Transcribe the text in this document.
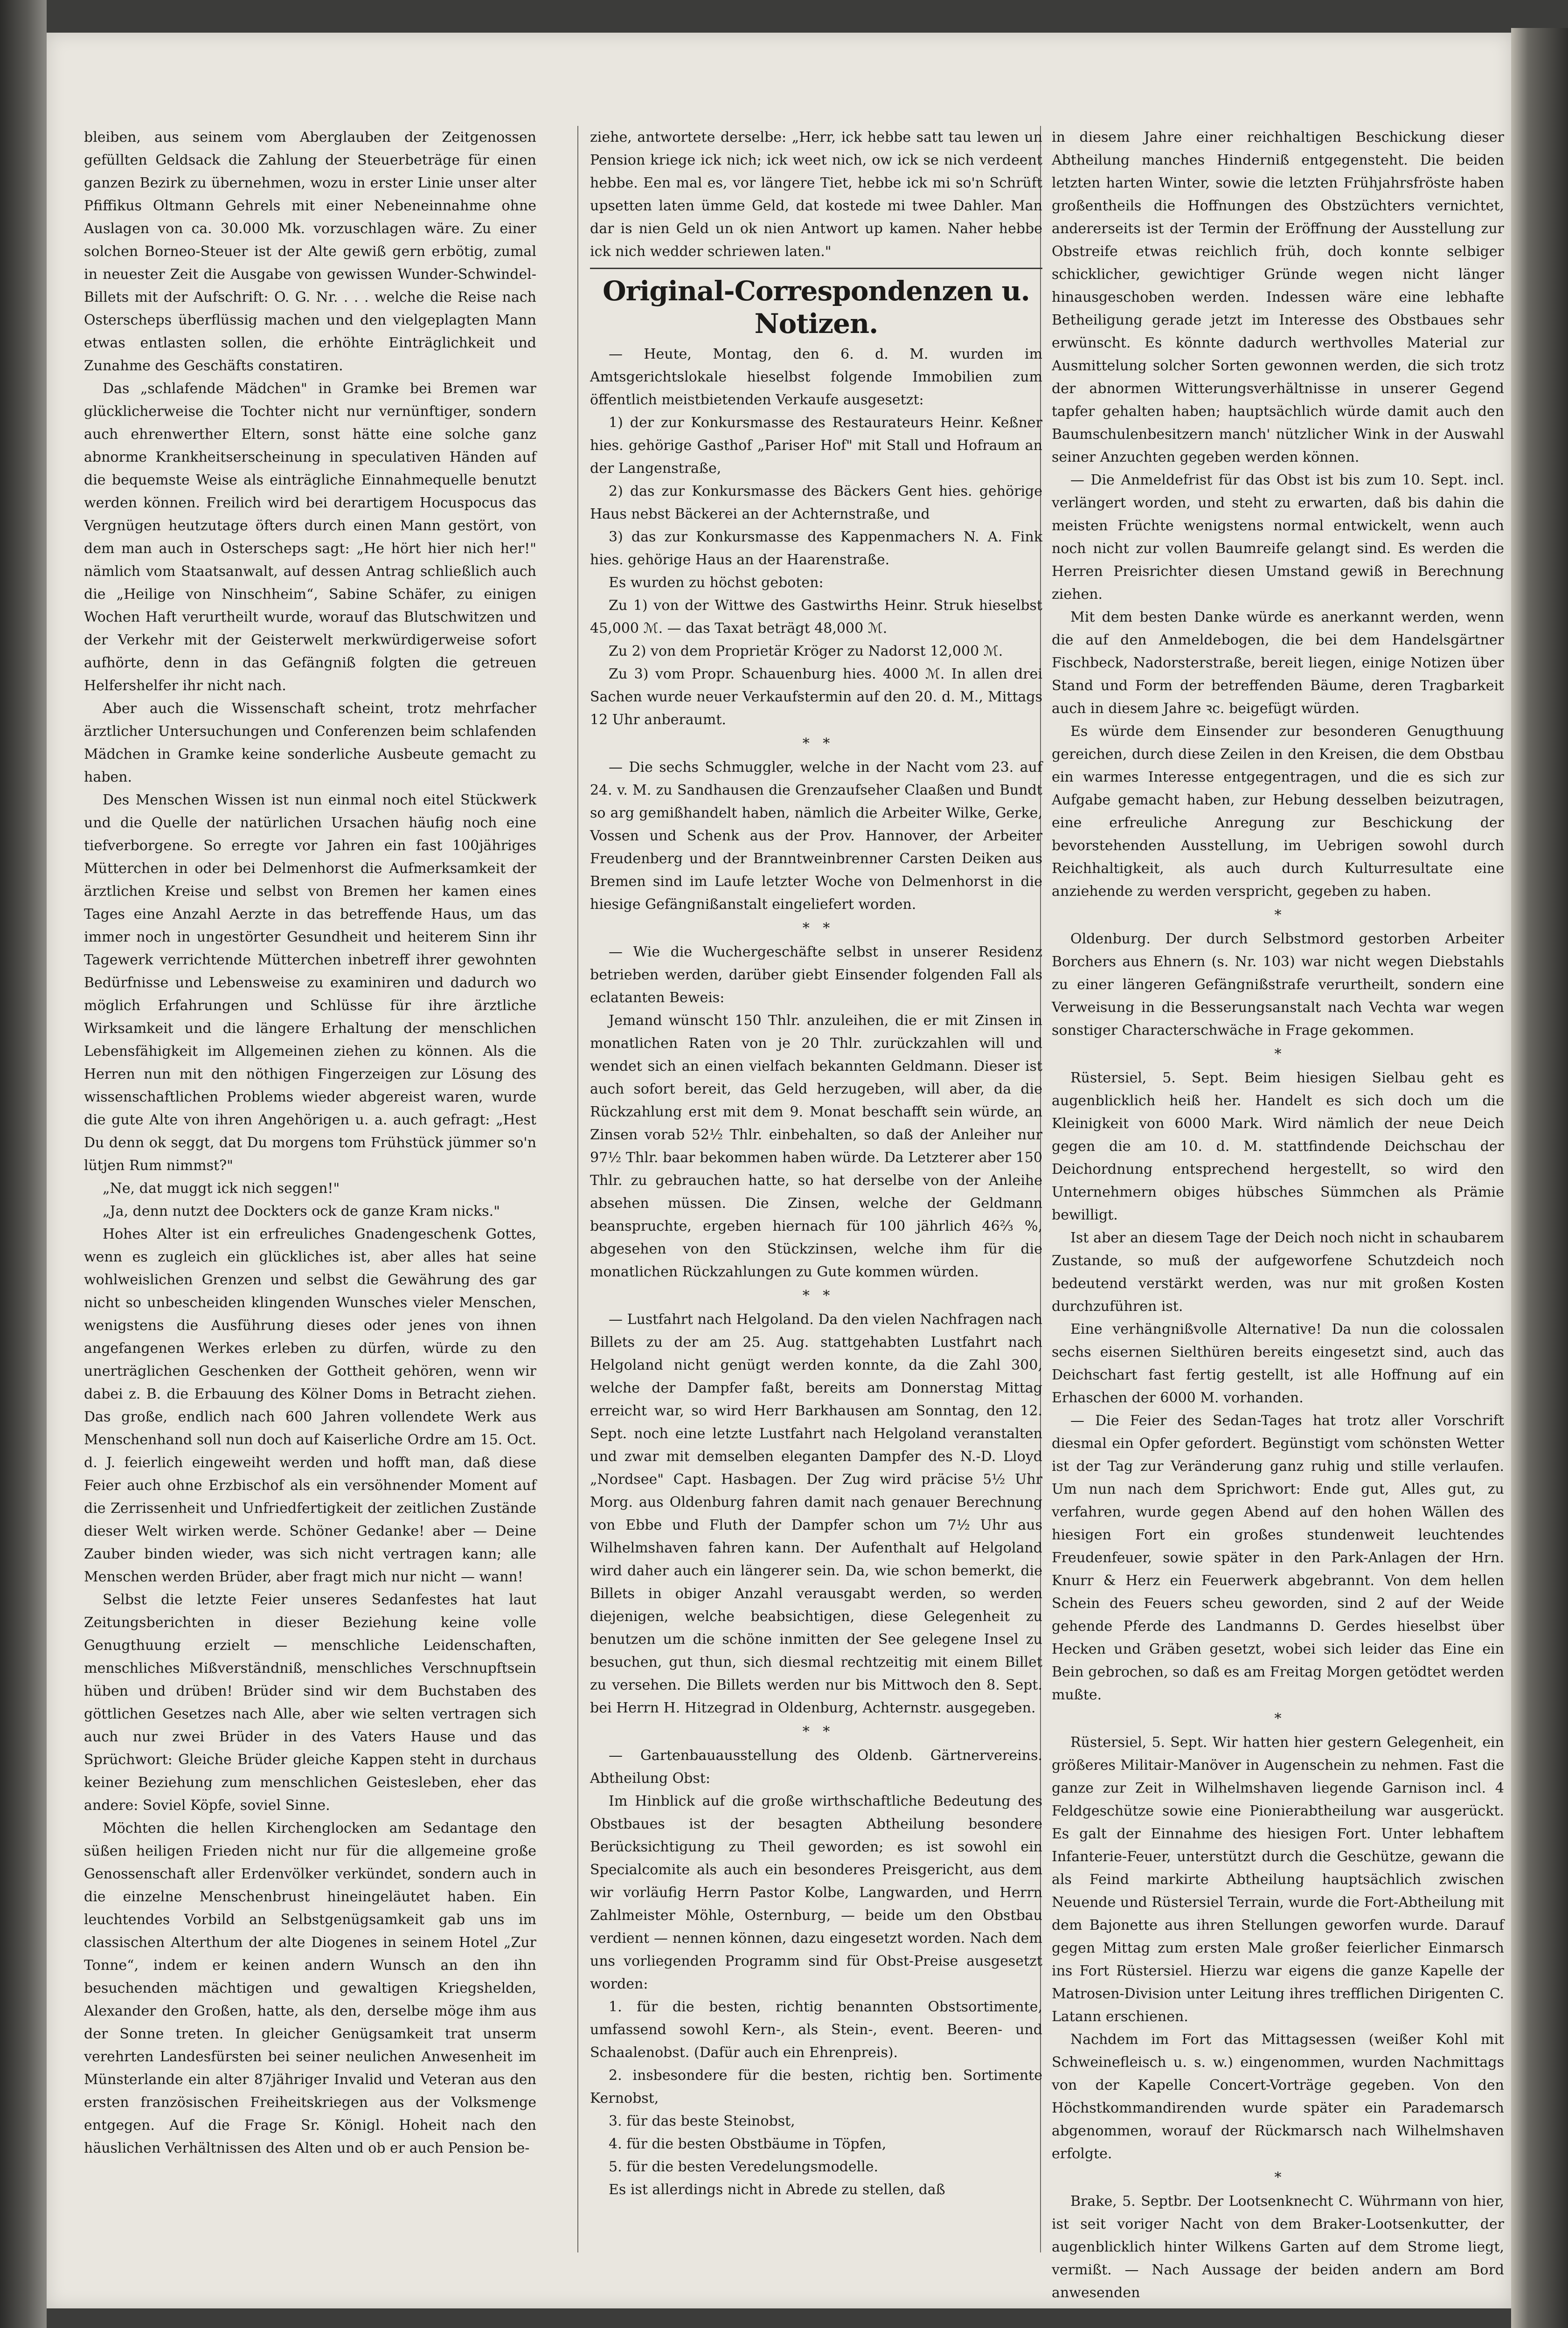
bleiben, aus seinem vom Aberglauben der Zeitgenossen gefüllten Geldsack die Zahlung der Steuerbeträge für einen ganzen Bezirk zu übernehmen, wozu in erster Linie unser alter Pfiffikus Oltmann Gehrels mit einer Nebeneinnahme ohne Auslagen von ca. 30.000 Mk. vorzuschlagen wäre. Zu einer solchen Borneo-Steuer ist der Alte gewiß gern erbötig, zumal in neuester Zeit die Ausgabe von gewissen Wunder-Schwindel-Billets mit der Aufschrift: O. G. Nr. . . . welche die Reise nach Osterscheps überflüssig machen und den vielgeplagten Mann etwas entlasten sollen, die erhöhte Einträglichkeit und Zunahme des Geschäfts constatiren.

Das „schlafende Mädchen" in Gramke bei Bremen war glücklicherweise die Tochter nicht nur vernünftiger, sondern auch ehrenwerther Eltern, sonst hätte eine solche ganz abnorme Krankheitserscheinung in speculativen Händen auf die bequemste Weise als einträgliche Einnahmequelle benutzt werden können. Freilich wird bei derartigem Hocuspocus das Vergnügen heutzutage öfters durch einen Mann gestört, von dem man auch in Osterscheps sagt: „He hört hier nich her!" nämlich vom Staatsanwalt, auf dessen Antrag schließlich auch die „Heilige von Ninschheim“, Sabine Schäfer, zu einigen Wochen Haft verurtheilt wurde, worauf das Blutschwitzen und der Verkehr mit der Geisterwelt merkwürdigerweise sofort aufhörte, denn in das Gefängniß folgten die getreuen Helfershelfer ihr nicht nach.

Aber auch die Wissenschaft scheint, trotz mehrfacher ärztlicher Untersuchungen und Conferenzen beim schlafenden Mädchen in Gramke keine sonderliche Ausbeute gemacht zu haben.

Des Menschen Wissen ist nun einmal noch eitel Stückwerk und die Quelle der natürlichen Ursachen häufig noch eine tiefverborgene. So erregte vor Jahren ein fast 100jähriges Mütterchen in oder bei Delmenhorst die Aufmerksamkeit der ärztlichen Kreise und selbst von Bremen her kamen eines Tages eine Anzahl Aerzte in das betreffende Haus, um das immer noch in ungestörter Gesundheit und heiterem Sinn ihr Tagewerk verrichtende Mütterchen inbetreff ihrer gewohnten Bedürfnisse und Lebensweise zu examiniren und dadurch wo möglich Erfahrungen und Schlüsse für ihre ärztliche Wirksamkeit und die längere Erhaltung der menschlichen Lebensfähigkeit im Allgemeinen ziehen zu können. Als die Herren nun mit den nöthigen Fingerzeigen zur Lösung des wissenschaftlichen Problems wieder abgereist waren, wurde die gute Alte von ihren Angehörigen u. a. auch gefragt: „Hest Du denn ok seggt, dat Du morgens tom Frühstück jümmer so'n lütjen Rum nimmst?"

„Ne, dat muggt ick nich seggen!"

„Ja, denn nutzt dee Dockters ock de ganze Kram nicks."

Hohes Alter ist ein erfreuliches Gnadengeschenk Gottes, wenn es zugleich ein glückliches ist, aber alles hat seine wohlweislichen Grenzen und selbst die Gewährung des gar nicht so unbescheiden klingenden Wunsches vieler Menschen, wenigstens die Ausführung dieses oder jenes von ihnen angefangenen Werkes erleben zu dürfen, würde zu den unerträglichen Geschenken der Gottheit gehören, wenn wir dabei z. B. die Erbauung des Kölner Doms in Betracht ziehen. Das große, endlich nach 600 Jahren vollendete Werk aus Menschenhand soll nun doch auf Kaiserliche Ordre am 15. Oct. d. J. feierlich eingeweiht werden und hofft man, daß diese Feier auch ohne Erzbischof als ein versöhnender Moment auf die Zerrissenheit und Unfriedfertigkeit der zeitlichen Zustände dieser Welt wirken werde. Schöner Gedanke! aber — Deine Zauber binden wieder, was sich nicht vertragen kann; alle Menschen werden Brüder, aber fragt mich nur nicht — wann!

Selbst die letzte Feier unseres Sedanfestes hat laut Zeitungsberichten in dieser Beziehung keine volle Genugthuung erzielt — menschliche Leidenschaften, menschliches Mißverständniß, menschliches Verschnupftsein hüben und drüben! Brüder sind wir dem Buchstaben des göttlichen Gesetzes nach Alle, aber wie selten vertragen sich auch nur zwei Brüder in des Vaters Hause und das Sprüchwort: Gleiche Brüder gleiche Kappen steht in durchaus keiner Beziehung zum menschlichen Geistesleben, eher das andere: Soviel Köpfe, soviel Sinne.

Möchten die hellen Kirchenglocken am Sedantage den süßen heiligen Frieden nicht nur für die allgemeine große Genossenschaft aller Erdenvölker verkündet, sondern auch in die einzelne Menschenbrust hineingeläutet haben. Ein leuchtendes Vorbild an Selbstgenügsamkeit gab uns im classischen Alterthum der alte Diogenes in seinem Hotel „Zur Tonne“, indem er keinen andern Wunsch an den ihn besuchenden mächtigen und gewaltigen Kriegshelden, Alexander den Großen, hatte, als den, derselbe möge ihm aus der Sonne treten. In gleicher Genügsamkeit trat unserm verehrten Landesfürsten bei seiner neulichen Anwesenheit im Münsterlande ein alter 87jähriger Invalid und Veteran aus den ersten französischen Freiheitskriegen aus der Volksmenge entgegen. Auf die Frage Sr. Königl. Hoheit nach den häuslichen Verhältnissen des Alten und ob er auch Pension be-

ziehe, antwortete derselbe: „Herr, ick hebbe satt tau lewen un Pension kriege ick nich; ick weet nich, ow ick se nich verdeent hebbe. Een mal es, vor längere Tiet, hebbe ick mi so'n Schrüft upsetten laten ümme Geld, dat kostede mi twee Dahler. Man dar is nien Geld un ok nien Antwort up kamen. Naher hebbe ick nich wedder schriewen laten."

Original-Correspondenzen u. Notizen.

— Heute, Montag, den 6. d. M. wurden im Amtsgerichtslokale hieselbst folgende Immobilien zum öffentlich meistbietenden Verkaufe ausgesetzt:

1) der zur Konkursmasse des Restaurateurs Heinr. Keßner hies. gehörige Gasthof „Pariser Hof" mit Stall und Hofraum an der Langenstraße,

2) das zur Konkursmasse des Bäckers Gent hies. gehörige Haus nebst Bäckerei an der Achternstraße, und

3) das zur Konkursmasse des Kappenmachers N. A. Fink hies. gehörige Haus an der Haarenstraße.

Es wurden zu höchst geboten:

Zu 1) von der Wittwe des Gastwirths Heinr. Struk hieselbst 45,000 ℳ. — das Taxat beträgt 48,000 ℳ.

Zu 2) von dem Proprietär Kröger zu Nadorst 12,000 ℳ.

Zu 3) vom Propr. Schauenburg hies. 4000 ℳ. In allen drei Sachen wurde neuer Verkaufstermin auf den 20. d. M., Mittags 12 Uhr anberaumt.

*   *

— Die sechs Schmuggler, welche in der Nacht vom 23. auf 24. v. M. zu Sandhausen die Grenzaufseher Claaßen und Bundt so arg gemißhandelt haben, nämlich die Arbeiter Wilke, Gerke, Vossen und Schenk aus der Prov. Hannover, der Arbeiter Freudenberg und der Branntweinbrenner Carsten Deiken aus Bremen sind im Laufe letzter Woche von Delmenhorst in die hiesige Gefängnißanstalt eingeliefert worden.

*   *

— Wie die Wuchergeschäfte selbst in unserer Residenz betrieben werden, darüber giebt Einsender folgenden Fall als eclatanten Beweis:

Jemand wünscht 150 Thlr. anzuleihen, die er mit Zinsen in monatlichen Raten von je 20 Thlr. zurückzahlen will und wendet sich an einen vielfach bekannten Geldmann. Dieser ist auch sofort bereit, das Geld herzugeben, will aber, da die Rückzahlung erst mit dem 9. Monat beschafft sein würde, an Zinsen vorab 52½ Thlr. einbehalten, so daß der Anleiher nur 97½ Thlr. baar bekommen haben würde. Da Letzterer aber 150 Thlr. zu gebrauchen hatte, so hat derselbe von der Anleihe absehen müssen. Die Zinsen, welche der Geldmann beanspruchte, ergeben hiernach für 100 jährlich 46⅔ %, abgesehen von den Stückzinsen, welche ihm für die monatlichen Rückzahlungen zu Gute kommen würden.

*   *

— Lustfahrt nach Helgoland. Da den vielen Nachfragen nach Billets zu der am 25. Aug. stattgehabten Lustfahrt nach Helgoland nicht genügt werden konnte, da die Zahl 300, welche der Dampfer faßt, bereits am Donnerstag Mittag erreicht war, so wird Herr Barkhausen am Sonntag, den 12. Sept. noch eine letzte Lustfahrt nach Helgoland veranstalten und zwar mit demselben eleganten Dampfer des N.-D. Lloyd „Nordsee" Capt. Hasbagen. Der Zug wird präcise 5½ Uhr Morg. aus Oldenburg fahren damit nach genauer Berechnung von Ebbe und Fluth der Dampfer schon um 7½ Uhr aus Wilhelmshaven fahren kann. Der Aufenthalt auf Helgoland wird daher auch ein längerer sein. Da, wie schon bemerkt, die Billets in obiger Anzahl verausgabt werden, so werden diejenigen, welche beabsichtigen, diese Gelegenheit zu benutzen um die schöne inmitten der See gelegene Insel zu besuchen, gut thun, sich diesmal rechtzeitig mit einem Billet zu versehen. Die Billets werden nur bis Mittwoch den 8. Sept. bei Herrn H. Hitzegrad in Oldenburg, Achternstr. ausgegeben.

*   *

— Gartenbauausstellung des Oldenb. Gärtnervereins. Abtheilung Obst:

Im Hinblick auf die große wirthschaftliche Bedeutung des Obstbaues ist der besagten Abtheilung besondere Berücksichtigung zu Theil geworden; es ist sowohl ein Specialcomite als auch ein besonderes Preisgericht, aus dem wir vorläufig Herrn Pastor Kolbe, Langwarden, und Herrn Zahlmeister Möhle, Osternburg, — beide um den Obstbau verdient — nennen können, dazu eingesetzt worden. Nach dem uns vorliegenden Programm sind für Obst-Preise ausgesetzt worden:

1. für die besten, richtig benannten Obstsortimente, umfassend sowohl Kern-, als Stein-, event. Beeren- und Schaalenobst. (Dafür auch ein Ehrenpreis).

2. insbesondere für die besten, richtig ben. Sortimente Kernobst,

3. für das beste Steinobst,

4. für die besten Obstbäume in Töpfen,

5. für die besten Veredelungsmodelle.

Es ist allerdings nicht in Abrede zu stellen, daß

in diesem Jahre einer reichhaltigen Beschickung dieser Abtheilung manches Hinderniß entgegensteht. Die beiden letzten harten Winter, sowie die letzten Frühjahrsfröste haben großentheils die Hoffnungen des Obstzüchters vernichtet, andererseits ist der Termin der Eröffnung der Ausstellung zur Obstreife etwas reichlich früh, doch konnte selbiger schicklicher, gewichtiger Gründe wegen nicht länger hinausgeschoben werden. Indessen wäre eine lebhafte Betheiligung gerade jetzt im Interesse des Obstbaues sehr erwünscht. Es könnte dadurch werthvolles Material zur Ausmittelung solcher Sorten gewonnen werden, die sich trotz der abnormen Witterungsverhältnisse in unserer Gegend tapfer gehalten haben; hauptsächlich würde damit auch den Baumschulenbesitzern manch' nützlicher Wink in der Auswahl seiner Anzuchten gegeben werden können.

— Die Anmeldefrist für das Obst ist bis zum 10. Sept. incl. verlängert worden, und steht zu erwarten, daß bis dahin die meisten Früchte wenigstens normal entwickelt, wenn auch noch nicht zur vollen Baumreife gelangt sind. Es werden die Herren Preisrichter diesen Umstand gewiß in Berechnung ziehen.

Mit dem besten Danke würde es anerkannt werden, wenn die auf den Anmeldebogen, die bei dem Handelsgärtner Fischbeck, Nadorsterstraße, bereit liegen, einige Notizen über Stand und Form der betreffenden Bäume, deren Tragbarkeit auch in diesem Jahre ꝛc. beigefügt würden.

Es würde dem Einsender zur besonderen Genugthuung gereichen, durch diese Zeilen in den Kreisen, die dem Obstbau ein warmes Interesse entgegentragen, und die es sich zur Aufgabe gemacht haben, zur Hebung desselben beizutragen, eine erfreuliche Anregung zur Beschickung der bevorstehenden Ausstellung, im Uebrigen sowohl durch Reichhaltigkeit, als auch durch Kulturresultate eine anziehende zu werden verspricht, gegeben zu haben.

*

Oldenburg. Der durch Selbstmord gestorben Arbeiter Borchers aus Ehnern (s. Nr. 103) war nicht wegen Diebstahls zu einer längeren Gefängnißstrafe verurtheilt, sondern eine Verweisung in die Besserungsanstalt nach Vechta war wegen sonstiger Characterschwäche in Frage gekommen.

*

Rüstersiel, 5. Sept. Beim hiesigen Sielbau geht es augenblicklich heiß her. Handelt es sich doch um die Kleinigkeit von 6000 Mark. Wird nämlich der neue Deich gegen die am 10. d. M. stattfindende Deichschau der Deichordnung entsprechend hergestellt, so wird den Unternehmern obiges hübsches Sümmchen als Prämie bewilligt.

Ist aber an diesem Tage der Deich noch nicht in schaubarem Zustande, so muß der aufgeworfene Schutzdeich noch bedeutend verstärkt werden, was nur mit großen Kosten durchzuführen ist.

Eine verhängnißvolle Alternative! Da nun die colossalen sechs eisernen Sielthüren bereits eingesetzt sind, auch das Deichschart fast fertig gestellt, ist alle Hoffnung auf ein Erhaschen der 6000 M. vorhanden.

— Die Feier des Sedan-Tages hat trotz aller Vorschrift diesmal ein Opfer gefordert. Begünstigt vom schönsten Wetter ist der Tag zur Veränderung ganz ruhig und stille verlaufen. Um nun nach dem Sprichwort: Ende gut, Alles gut, zu verfahren, wurde gegen Abend auf den hohen Wällen des hiesigen Fort ein großes stundenweit leuchtendes Freudenfeuer, sowie später in den Park-Anlagen der Hrn. Knurr & Herz ein Feuerwerk abgebrannt. Von dem hellen Schein des Feuers scheu geworden, sind 2 auf der Weide gehende Pferde des Landmanns D. Gerdes hieselbst über Hecken und Gräben gesetzt, wobei sich leider das Eine ein Bein gebrochen, so daß es am Freitag Morgen getödtet werden mußte.

*

Rüstersiel, 5. Sept. Wir hatten hier gestern Gelegenheit, ein größeres Militair-Manöver in Augenschein zu nehmen. Fast die ganze zur Zeit in Wilhelmshaven liegende Garnison incl. 4 Feldgeschütze sowie eine Pionierabtheilung war ausgerückt. Es galt der Einnahme des hiesigen Fort. Unter lebhaftem Infanterie-Feuer, unterstützt durch die Geschütze, gewann die als Feind markirte Abtheilung hauptsächlich zwischen Neuende und Rüstersiel Terrain, wurde die Fort-Abtheilung mit dem Bajonette aus ihren Stellungen geworfen wurde. Darauf gegen Mittag zum ersten Male großer feierlicher Einmarsch ins Fort Rüstersiel. Hierzu war eigens die ganze Kapelle der Matrosen-Division unter Leitung ihres trefflichen Dirigenten C. Latann erschienen.

Nachdem im Fort das Mittagsessen (weißer Kohl mit Schweinefleisch u. s. w.) eingenommen, wurden Nachmittags von der Kapelle Concert-Vorträge gegeben. Von den Höchstkommandirenden wurde später ein Parademarsch abgenommen, worauf der Rückmarsch nach Wilhelmshaven erfolgte.

*

Brake, 5. Septbr. Der Lootsenknecht C. Wührmann von hier, ist seit voriger Nacht von dem Braker-Lootsenkutter, der augenblicklich hinter Wilkens Garten auf dem Strome liegt, vermißt. — Nach Aussage der beiden andern am Bord anwesenden
